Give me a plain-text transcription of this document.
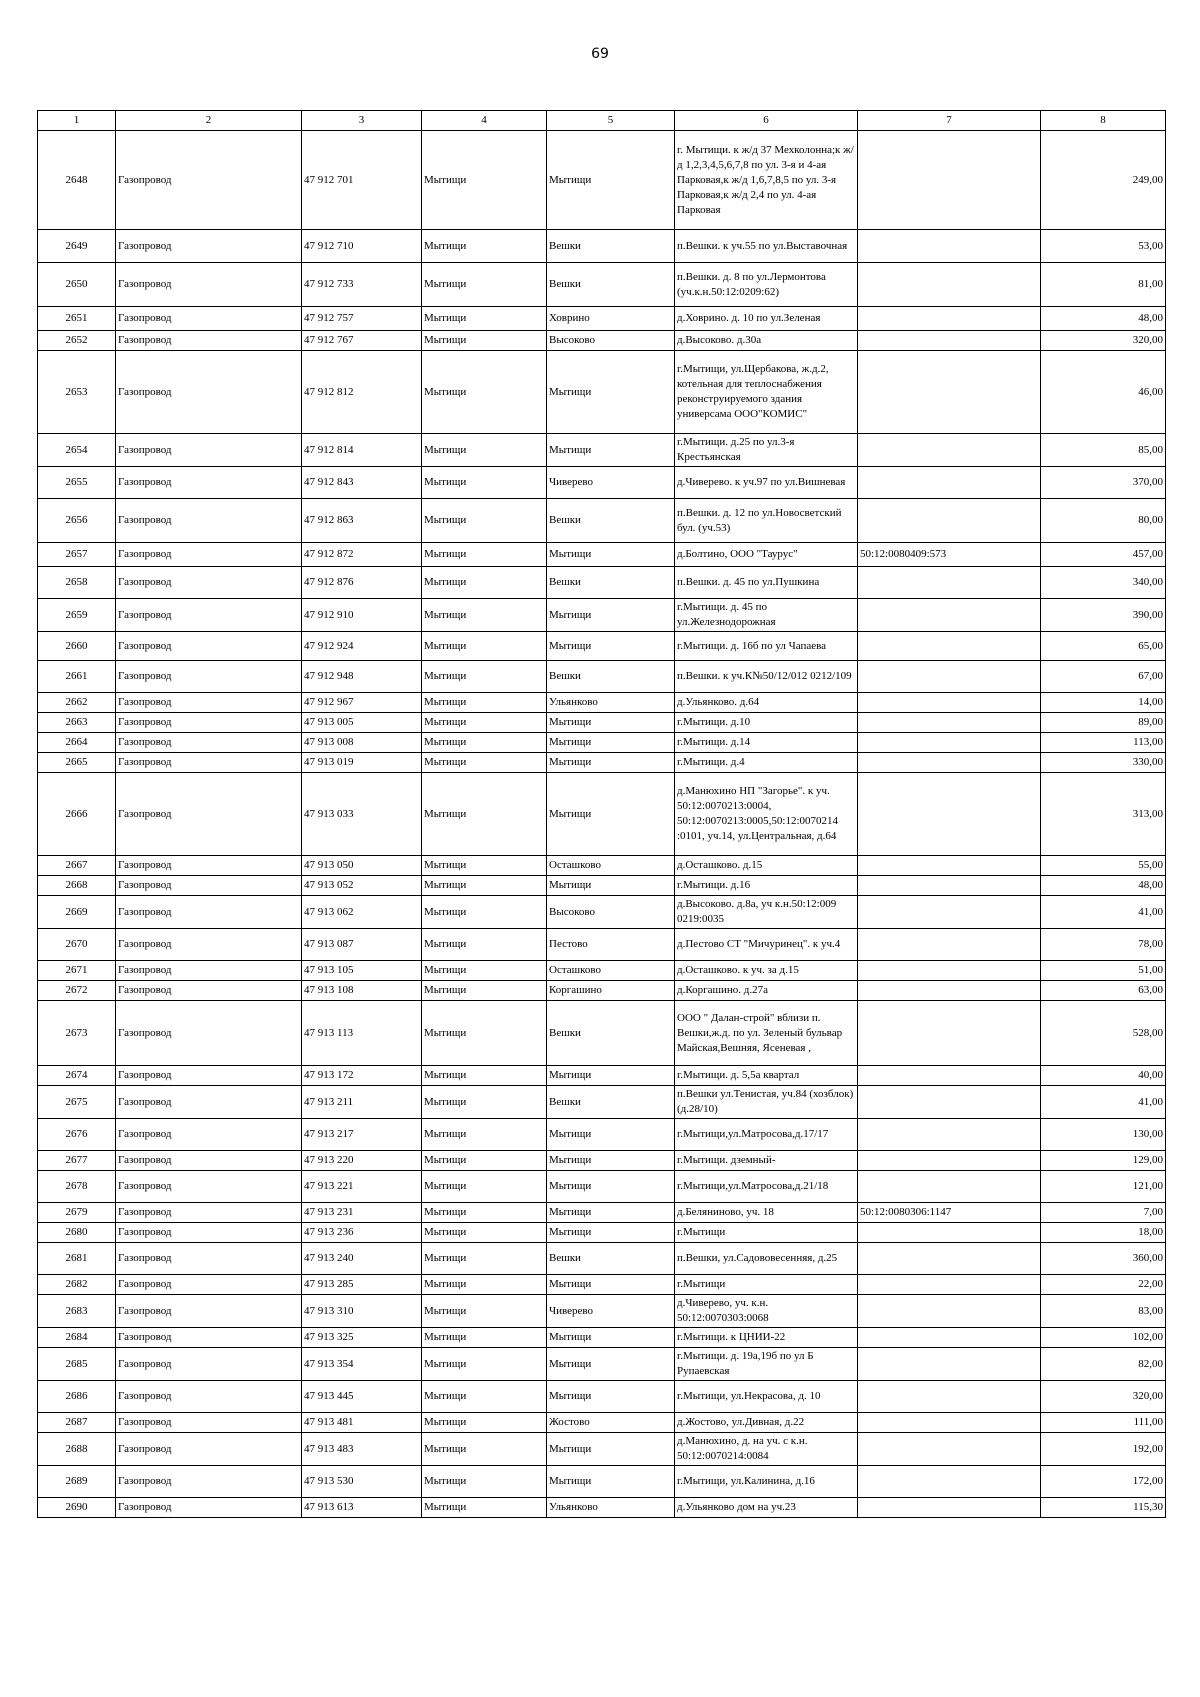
69
1	2	3	4	5	6	7	8
2648	Газопровод	47 912 701	Мытищи	Мытищи	г. Мытищи. к ж/д 37 Мехколонна;к ж/д 1,2,3,4,5,6,7,8 по ул. 3-я и 4-ая Парковая,к ж/д 1,6,7,8,5 по ул. 3-я Парковая,к ж/д 2,4 по ул. 4-ая Парковая		249,00
2649	Газопровод	47 912 710	Мытищи	Вешки	п.Вешки. к уч.55 по ул.Выставочная		53,00
2650	Газопровод	47 912 733	Мытищи	Вешки	п.Вешки. д. 8 по ул.Лермонтова (уч.к.н.50:12:0209:62)		81,00
2651	Газопровод	47 912 757	Мытищи	Ховрино	д.Ховрино. д. 10 по ул.Зеленая		48,00
2652	Газопровод	47 912 767	Мытищи	Высоково	д.Высоково. д.30а		320,00
2653	Газопровод	47 912 812	Мытищи	Мытищи	г.Мытищи, ул.Щербакова, ж.д.2, котельная для теплоснабжения реконструируемого здания универсама ООО"КОМИС"		46,00
2654	Газопровод	47 912 814	Мытищи	Мытищи	г.Мытищи. д.25 по ул.3-я Крестьянская		85,00
2655	Газопровод	47 912 843	Мытищи	Чиверево	д.Чиверево. к уч.97 по ул.Вишневая		370,00
2656	Газопровод	47 912 863	Мытищи	Вешки	п.Вешки. д. 12 по ул.Новосветский бул. (уч.53)		80,00
2657	Газопровод	47 912 872	Мытищи	Мытищи	д.Болтино, ООО "Таурус"	50:12:0080409:573	457,00
2658	Газопровод	47 912 876	Мытищи	Вешки	п.Вешки. д. 45 по ул.Пушкина		340,00
2659	Газопровод	47 912 910	Мытищи	Мытищи	г.Мытищи. д. 45 по ул.Железнодорожная		390,00
2660	Газопровод	47 912 924	Мытищи	Мытищи	г.Мытищи. д. 16б по ул Чапаева		65,00
2661	Газопровод	47 912 948	Мытищи	Вешки	п.Вешки. к уч.К№50/12/012 0212/109		67,00
2662	Газопровод	47 912 967	Мытищи	Ульянково	д.Ульянково. д.64		14,00
2663	Газопровод	47 913 005	Мытищи	Мытищи	г.Мытищи. д.10		89,00
2664	Газопровод	47 913 008	Мытищи	Мытищи	г.Мытищи. д.14		113,00
2665	Газопровод	47 913 019	Мытищи	Мытищи	г.Мытищи. д.4		330,00
2666	Газопровод	47 913 033	Мытищи	Мытищи	д.Манюхино НП "Загорье". к уч. 50:12:0070213:0004, 50:12:0070213:0005,50:12:0070214 :0101, уч.14, ул.Центральная, д.64		313,00
2667	Газопровод	47 913 050	Мытищи	Осташково	д.Осташково. д.15		55,00
2668	Газопровод	47 913 052	Мытищи	Мытищи	г.Мытищи. д.16		48,00
2669	Газопровод	47 913 062	Мытищи	Высоково	д.Высоково. д.8а, уч к.н.50:12:009 0219:0035		41,00
2670	Газопровод	47 913 087	Мытищи	Пестово	д.Пестово СТ "Мичуринец". к уч.4		78,00
2671	Газопровод	47 913 105	Мытищи	Осташково	д.Осташково. к уч. за д.15		51,00
2672	Газопровод	47 913 108	Мытищи	Коргашино	д.Коргашино. д.27а		63,00
2673	Газопровод	47 913 113	Мытищи	Вешки	ООО " Далан-строй" вблизи п. Вешки,ж.д. по ул. Зеленый бульвар Майская,Вешняя, Ясеневая ,		528,00
2674	Газопровод	47 913 172	Мытищи	Мытищи	г.Мытищи. д. 5,5а квартал		40,00
2675	Газопровод	47 913 211	Мытищи	Вешки	п.Вешки ул.Тенистая, уч.84 (хозблок) (д.28/10)		41,00
2676	Газопровод	47 913 217	Мытищи	Мытищи	г.Мытищи,ул.Матросова,д.17/17		130,00
2677	Газопровод	47 913 220	Мытищи	Мытищи	г.Мытищи. дземный-		129,00
2678	Газопровод	47 913 221	Мытищи	Мытищи	г.Мытищи,ул.Матросова,д.21/18		121,00
2679	Газопровод	47 913 231	Мытищи	Мытищи	д.Беляниново, уч. 18	50:12:0080306:1147	7,00
2680	Газопровод	47 913 236	Мытищи	Мытищи	г.Мытищи		18,00
2681	Газопровод	47 913 240	Мытищи	Вешки	п.Вешки, ул.Садововесенняя, д.25		360,00
2682	Газопровод	47 913 285	Мытищи	Мытищи	г.Мытищи		22,00
2683	Газопровод	47 913 310	Мытищи	Чиверево	д.Чиверево, уч. к.н. 50:12:0070303:0068		83,00
2684	Газопровод	47 913 325	Мытищи	Мытищи	г.Мытищи. к ЦНИИ-22		102,00
2685	Газопровод	47 913 354	Мытищи	Мытищи	г.Мытищи. д. 19а,19б по ул Б Рупаевская		82,00
2686	Газопровод	47 913 445	Мытищи	Мытищи	г.Мытищи, ул.Некрасова, д. 10		320,00
2687	Газопровод	47 913 481	Мытищи	Жостово	д.Жостово, ул.Дивная, д.22		111,00
2688	Газопровод	47 913 483	Мытищи	Мытищи	д.Манюхино, д. на уч. с к.н. 50:12:0070214:0084		192,00
2689	Газопровод	47 913 530	Мытищи	Мытищи	г.Мытищи, ул.Калинина, д.16		172,00
2690	Газопровод	47 913 613	Мытищи	Ульянково	д.Ульянково дом на уч.23		115,30
